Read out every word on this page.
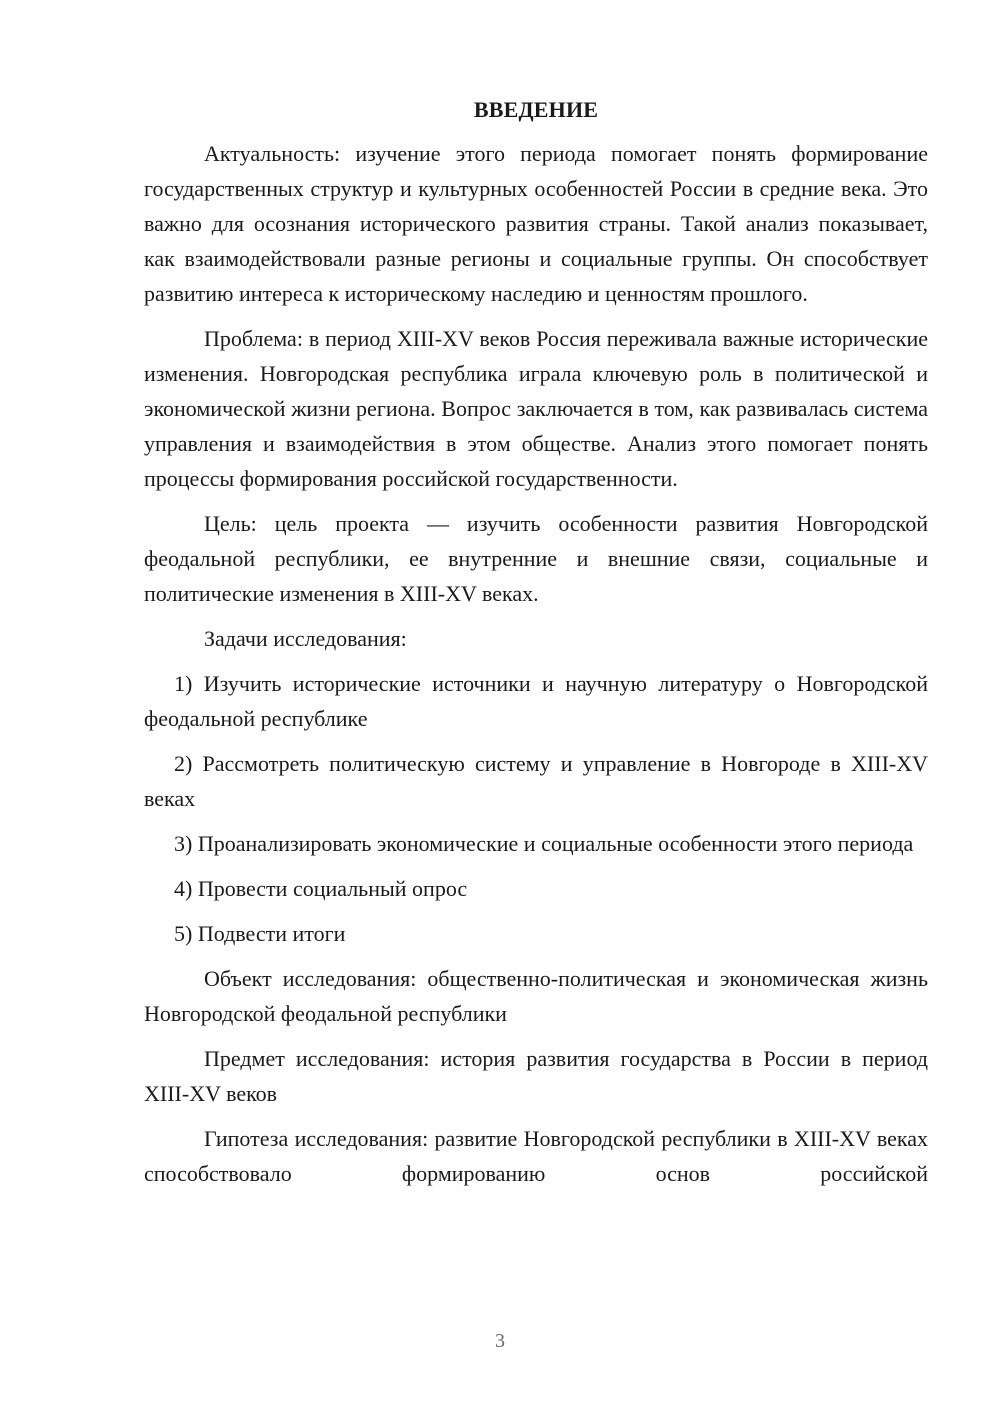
ВВЕДЕНИЕ

Актуальность: изучение этого периода помогает понять формирование государственных структур и культурных особенностей России в средние века. Это важно для осознания исторического развития страны. Такой анализ показывает, как взаимодействовали разные регионы и социальные группы. Он способствует развитию интереса к историческому наследию и ценностям прошлого.

Проблема: в период XIII-XV веков Россия переживала важные исторические изменения. Новгородская республика играла ключевую роль в политической и экономической жизни региона. Вопрос заключается в том, как развивалась система управления и взаимодействия в этом обществе. Анализ этого помогает понять процессы формирования российской государственности.

Цель: цель проекта — изучить особенности развития Новгородской феодальной республики, ее внутренние и внешние связи, социальные и политические изменения в XIII-XV веках.

Задачи исследования:

1) Изучить исторические источники и научную литературу о Новгородской феодальной республике

2) Рассмотреть политическую систему и управление в Новгороде в XIII-XV веках

3) Проанализировать экономические и социальные особенности этого периода

4) Провести социальный опрос

5) Подвести итоги

Объект исследования: общественно-политическая и экономическая жизнь Новгородской феодальной республики

Предмет исследования: история развития государства в России в период XIII-XV веков

Гипотеза исследования: развитие Новгородской республики в XIII-XV веках способствовало формированию основ российской

3
